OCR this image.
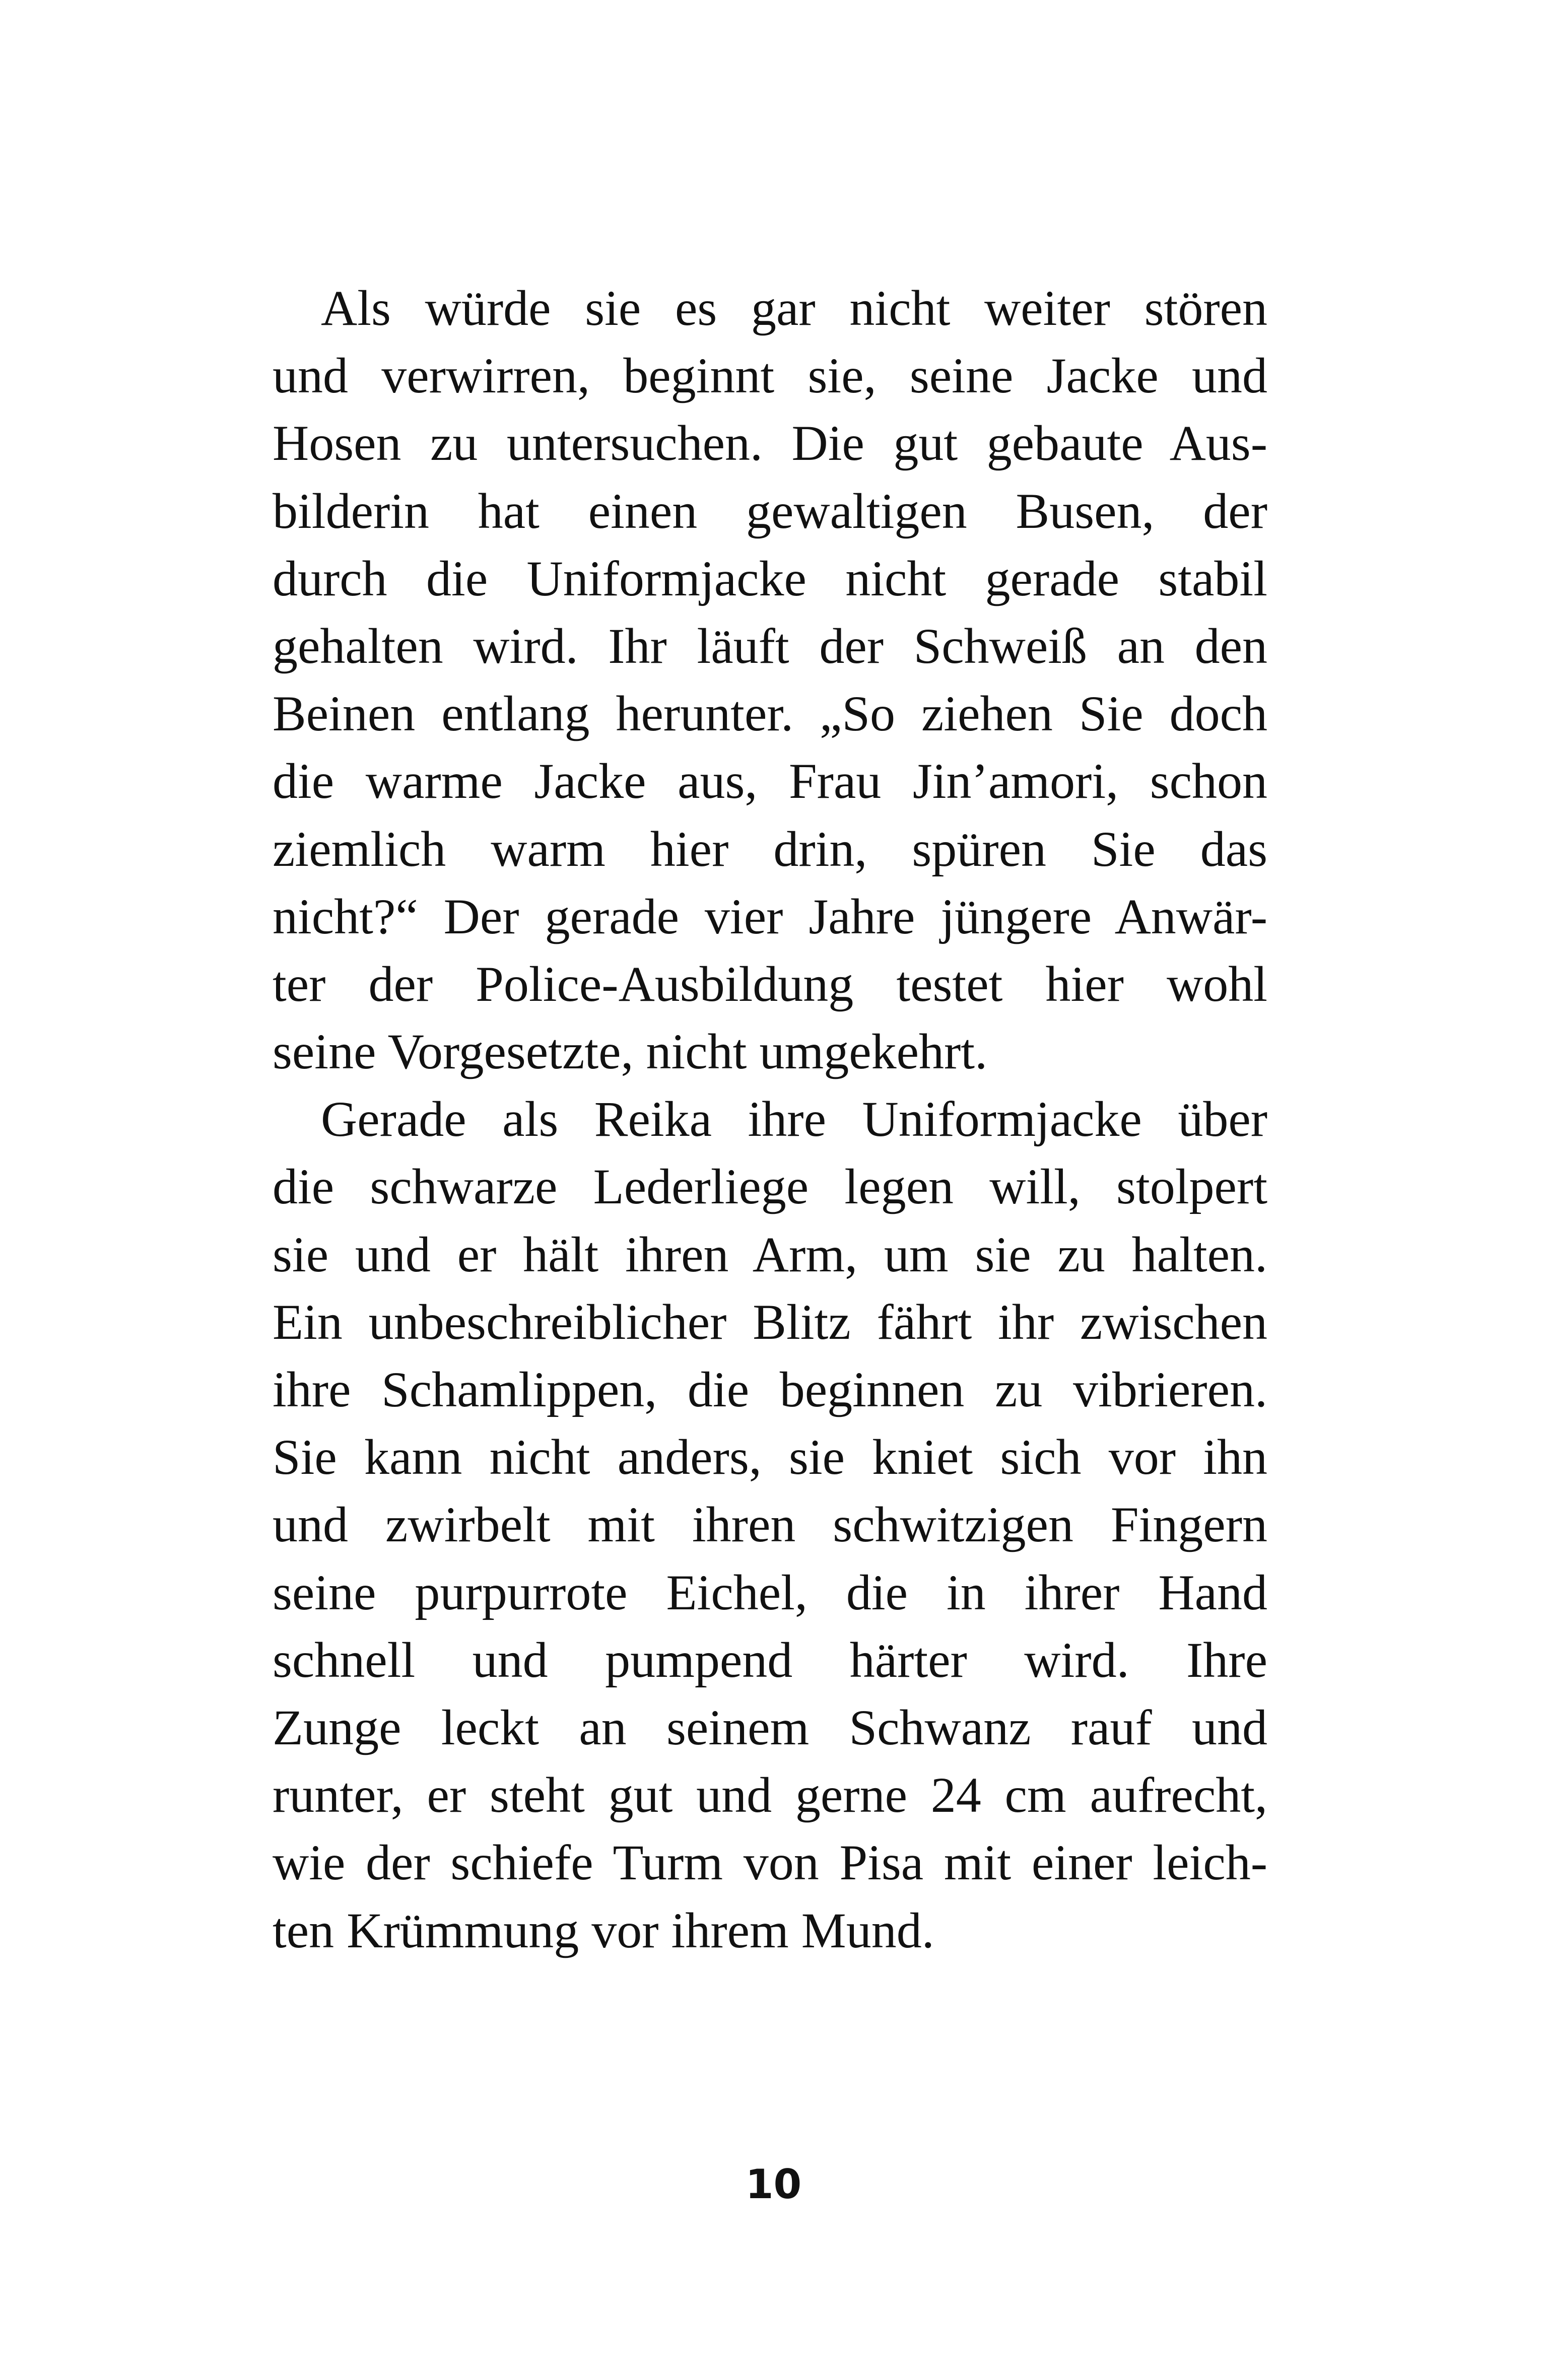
Als würde sie es gar nicht weiter stören
und verwirren, beginnt sie, seine Jacke und
Hosen zu untersuchen. Die gut gebaute Aus-
bilderin hat einen gewaltigen Busen, der
durch die Uniformjacke nicht gerade stabil
gehalten wird. Ihr läuft der Schweiß an den
Beinen entlang herunter. „So ziehen Sie doch
die warme Jacke aus, Frau Jin’amori, schon
ziemlich warm hier drin, spüren Sie das
nicht?“ Der gerade vier Jahre jüngere Anwär-
ter der Police-Ausbildung testet hier wohl
seine Vorgesetzte, nicht umgekehrt.

Gerade als Reika ihre Uniformjacke über
die schwarze Lederliege legen will, stolpert
sie und er hält ihren Arm, um sie zu halten.
Ein unbeschreiblicher Blitz fährt ihr zwischen
ihre Schamlippen, die beginnen zu vibrieren.
Sie kann nicht anders, sie kniet sich vor ihn
und zwirbelt mit ihren schwitzigen Fingern
seine purpurrote Eichel, die in ihrer Hand
schnell und pumpend härter wird. Ihre
Zunge leckt an seinem Schwanz rauf und
runter, er steht gut und gerne 24 cm aufrecht,
wie der schiefe Turm von Pisa mit einer leich-
ten Krümmung vor ihrem Mund.

10
